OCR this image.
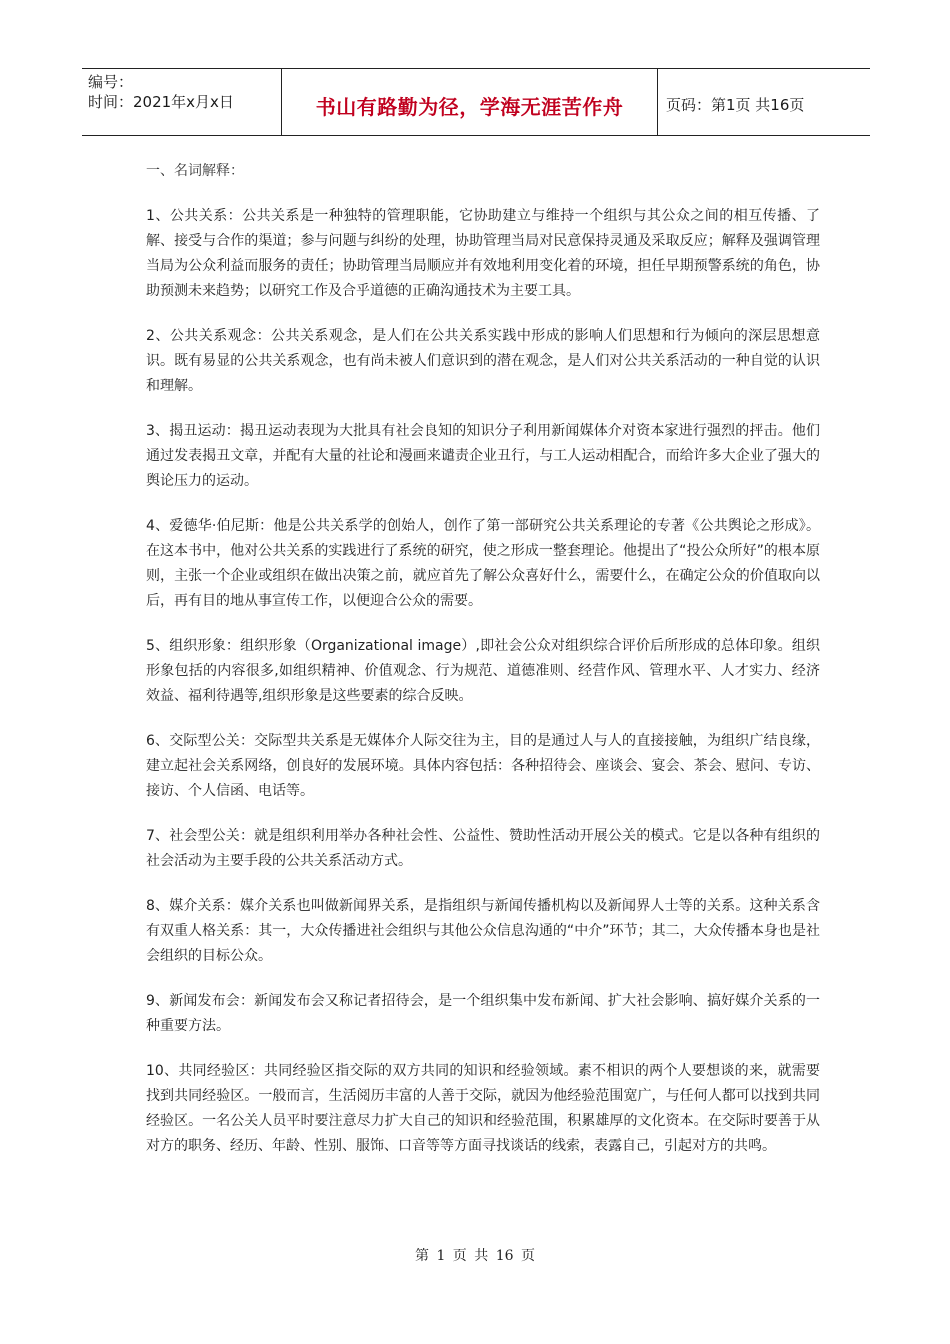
编号：
时间：2021年x月x日	书山有路勤为径，学海无涯苦作舟	页码：第1页 共16页
一、名词解释：
1、公共关系：公共关系是一种独特的管理职能，它协助建立与维持一个组织与其公众之间的相互传播、了解、接受与合作的渠道；参与问题与纠纷的处理，协助管理当局对民意保持灵通及采取反应；解释及强调管理当局为公众利益而服务的责任；协助管理当局顺应并有效地利用变化着的环境，担任早期预警系统的角色，协助预测未来趋势；以研究工作及合乎道德的正确沟通技术为主要工具。
2、公共关系观念：公共关系观念，是人们在公共关系实践中形成的影响人们思想和行为倾向的深层思想意识。既有易显的公共关系观念，也有尚未被人们意识到的潜在观念，是人们对公共关系活动的一种自觉的认识和理解。
3、揭丑运动：揭丑运动表现为大批具有社会良知的知识分子利用新闻媒体介对资本家进行强烈的抨击。他们通过发表揭丑文章，并配有大量的社论和漫画来谴责企业丑行，与工人运动相配合，而给许多大企业了强大的舆论压力的运动。
4、爱德华·伯尼斯：他是公共关系学的创始人，创作了第一部研究公共关系理论的专著《公共舆论之形成》。在这本书中，他对公共关系的实践进行了系统的研究，使之形成一整套理论。他提出了“投公众所好”的根本原则，主张一个企业或组织在做出决策之前，就应首先了解公众喜好什么，需要什么，在确定公众的价值取向以后，再有目的地从事宣传工作，以便迎合公众的需要。
5、组织形象：组织形象（Organizational image）,即社会公众对组织综合评价后所形成的总体印象。组织形象包括的内容很多,如组织精神、价值观念、行为规范、道德准则、经营作风、管理水平、人才实力、经济效益、福利待遇等,组织形象是这些要素的综合反映。
6、交际型公关：交际型共关系是无媒体介人际交往为主，目的是通过人与人的直接接触，为组织广结良缘，建立起社会关系网络，创良好的发展环境。具体内容包括：各种招待会、座谈会、宴会、茶会、慰问、专访、接访、个人信函、电话等。
7、社会型公关：就是组织利用举办各种社会性、公益性、赞助性活动开展公关的模式。它是以各种有组织的社会活动为主要手段的公共关系活动方式。
8、媒介关系：媒介关系也叫做新闻界关系，是指组织与新闻传播机构以及新闻界人士等的关系。这种关系含有双重人格关系：其一，大众传播进社会组织与其他公众信息沟通的“中介”环节；其二，大众传播本身也是社会组织的目标公众。
9、新闻发布会：新闻发布会又称记者招待会，是一个组织集中发布新闻、扩大社会影响、搞好媒介关系的一种重要方法。
10、共同经验区：共同经验区指交际的双方共同的知识和经验领域。素不相识的两个人要想谈的来，就需要找到共同经验区。一般而言，生活阅历丰富的人善于交际，就因为他经验范围宽广，与任何人都可以找到共同经验区。一名公关人员平时要注意尽力扩大自己的知识和经验范围，积累雄厚的文化资本。在交际时要善于从对方的职务、经历、年龄、性别、服饰、口音等等方面寻找谈话的线索，表露自己，引起对方的共鸣。
第 1 页 共 16 页
